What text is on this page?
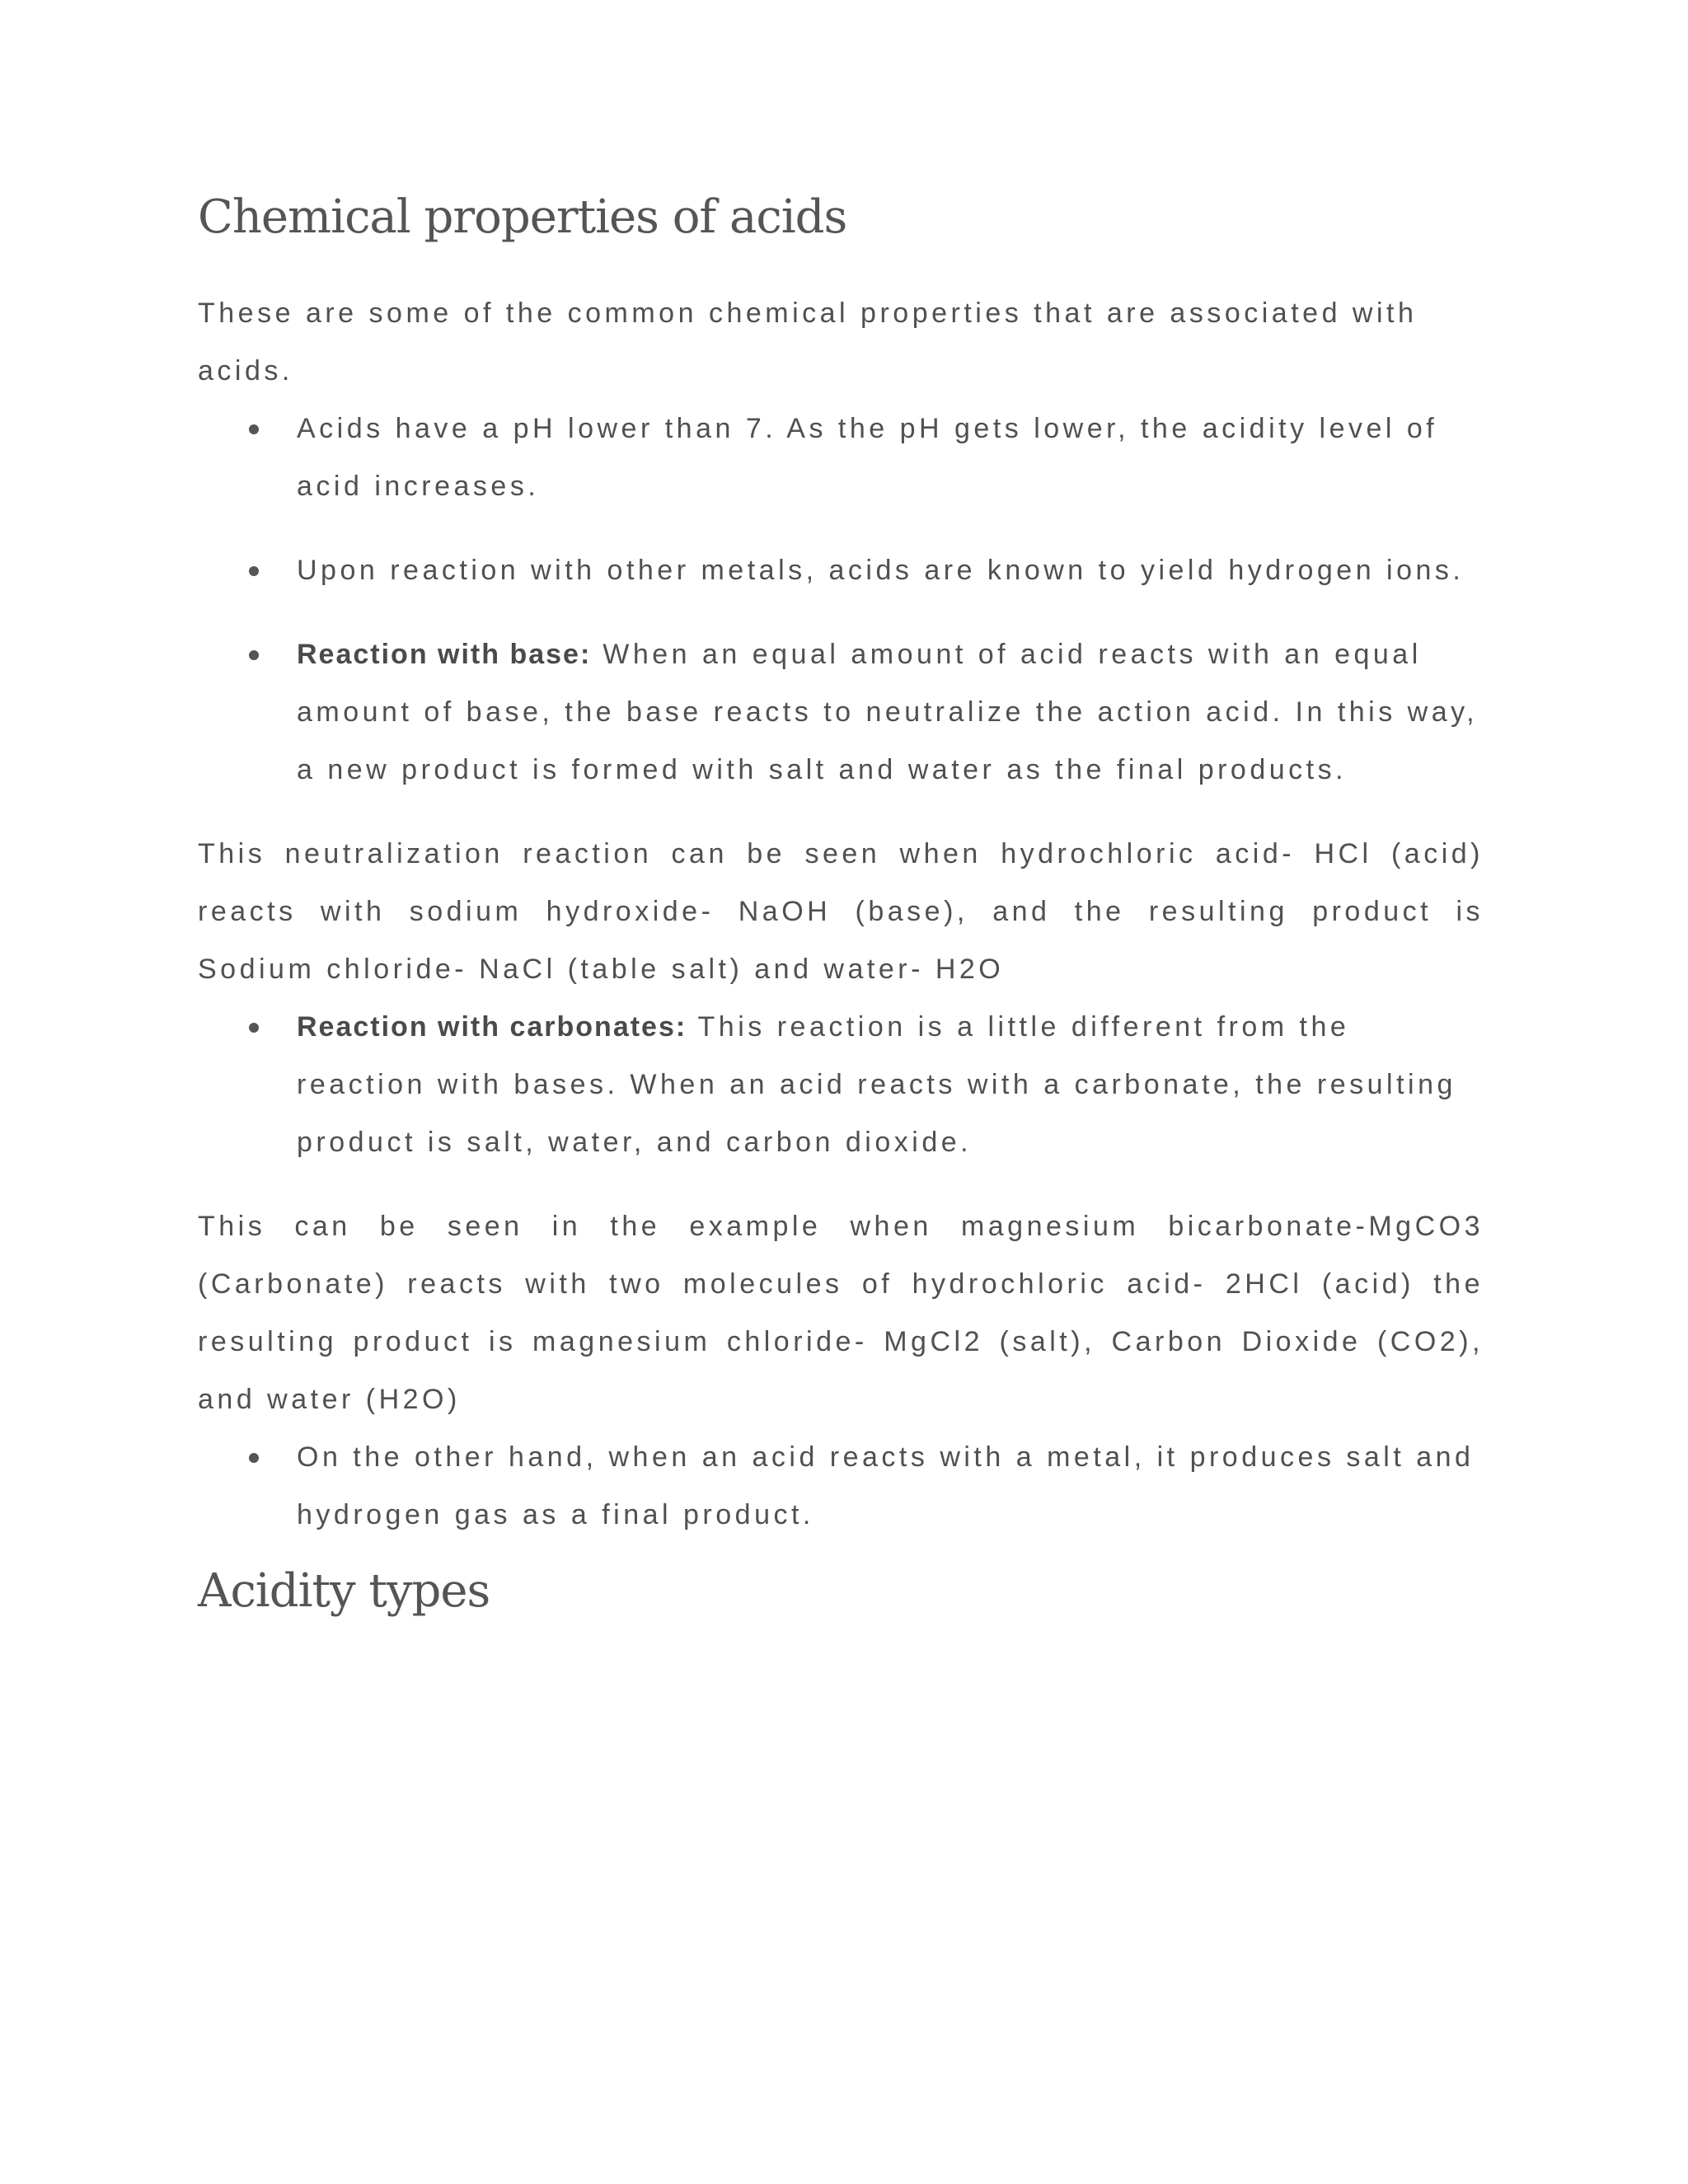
Chemical properties of acids

These are some of the common chemical properties that are associated with acids.

Acids have a pH lower than 7. As the pH gets lower, the acidity level of acid increases.
Upon reaction with other metals, acids are known to yield hydrogen ions.
Reaction with base: When an equal amount of acid reacts with an equal amount of base, the base reacts to neutralize the action acid. In this way, a new product is formed with salt and water as the final products.

This neutralization reaction can be seen when hydrochloric acid- HCl (acid) reacts with sodium hydroxide- NaOH (base), and the resulting product is Sodium chloride- NaCl (table salt) and water- H2O

Reaction with carbonates: This reaction is a little different from the reaction with bases. When an acid reacts with a carbonate, the resulting product is salt, water, and carbon dioxide.

This can be seen in the example when magnesium bicarbonate-MgCO3 (Carbonate) reacts with two molecules of hydrochloric acid- 2HCl (acid) the resulting product is magnesium chloride- MgCl2 (salt), Carbon Dioxide (CO2), and water (H2O)

On the other hand, when an acid reacts with a metal, it produces salt and hydrogen gas as a final product.
Acidity types
